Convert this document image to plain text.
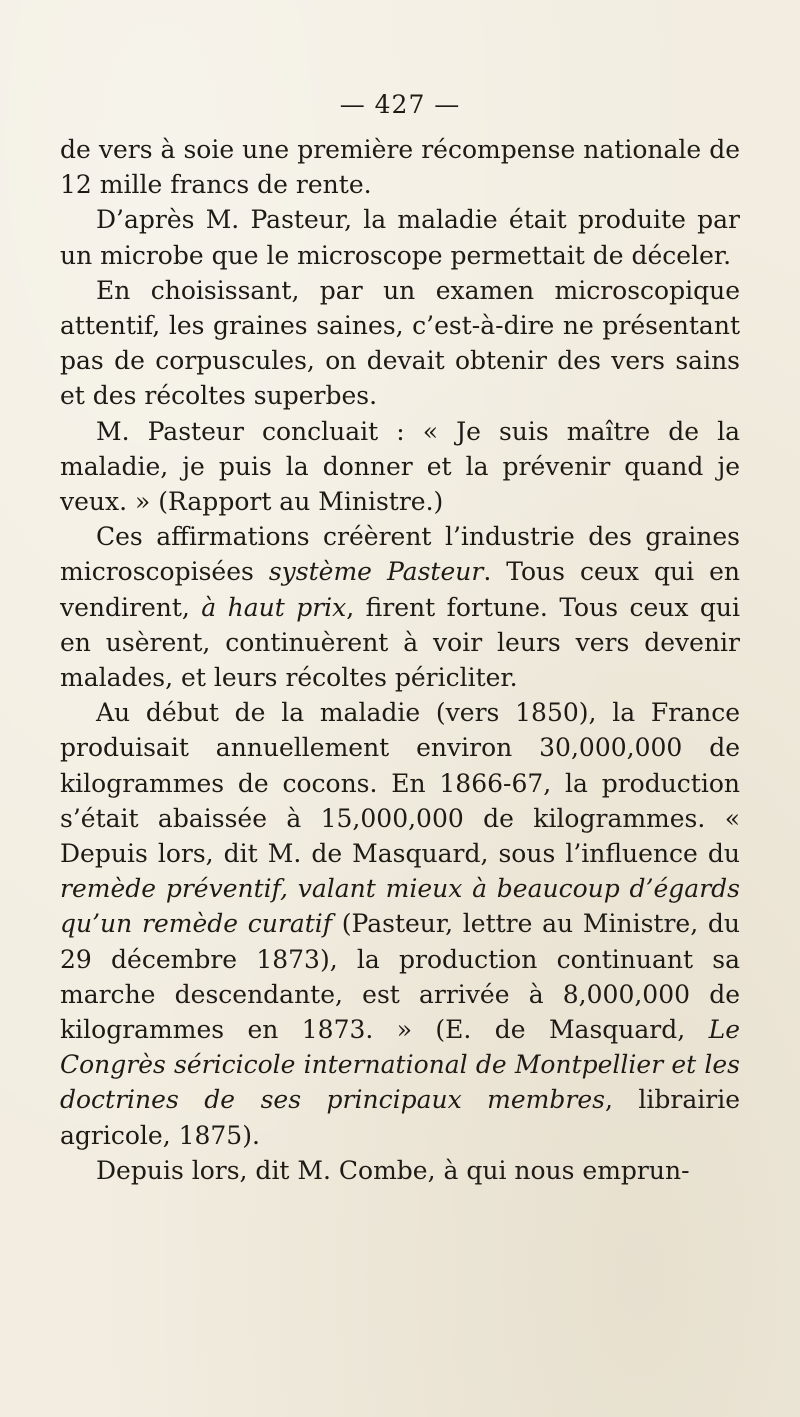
— 427 —

de vers à soie une première récompense nationale de 12 mille francs de rente.

D’après M. Pasteur, la maladie était produite par un microbe que le microscope permettait de déceler.

En choisissant, par un examen microscopique attentif, les graines saines, c’est-à-dire ne présentant pas de corpuscules, on devait obtenir des vers sains et des récoltes superbes.

M. Pasteur concluait : « Je suis maître de la maladie, je puis la donner et la prévenir quand je veux. » (Rapport au Ministre.)

Ces affirmations créèrent l’industrie des graines microscopisées système Pasteur. Tous ceux qui en vendirent, à haut prix, firent fortune. Tous ceux qui en usèrent, continuèrent à voir leurs vers devenir malades, et leurs récoltes péricliter.

Au début de la maladie (vers 1850), la France produisait annuellement environ 30,000,000 de kilogrammes de cocons. En 1866-67, la production s’était abaissée à 15,000,000 de kilogrammes. « Depuis lors, dit M. de Masquard, sous l’influence du remède préventif, valant mieux à beaucoup d’égards qu’un remède curatif (Pasteur, lettre au Ministre, du 29 décembre 1873), la production continuant sa marche descendante, est arrivée à 8,000,000 de kilogrammes en 1873. » (E. de Masquard, Le Congrès séricicole international de Montpellier et les doctrines de ses principaux membres, librairie agricole, 1875).

Depuis lors, dit M. Combe, à qui nous emprun-
